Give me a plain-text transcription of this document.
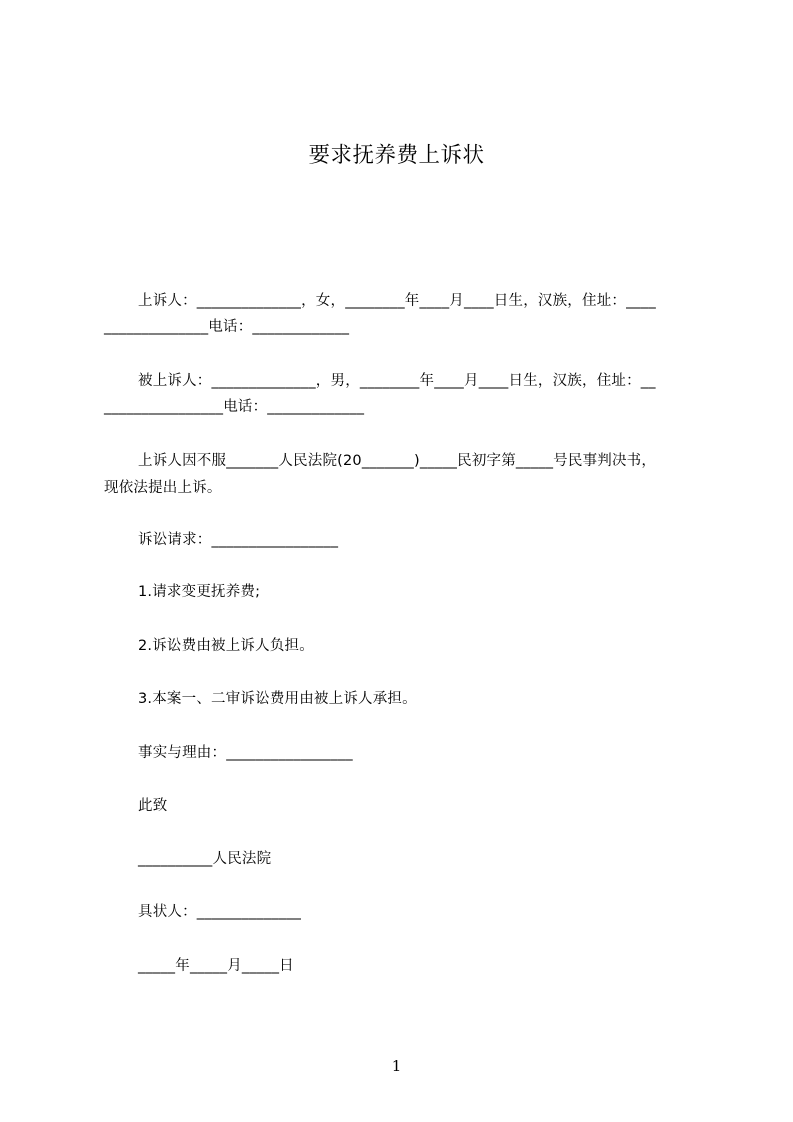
要求抚养费上诉状
上诉人：______________，女，________年____月____日生，汉族，住址：____
______________电话：_____________
被上诉人：______________，男，________年____月____日生，汉族，住址：__
________________电话：_____________
上诉人因不服_______人民法院(20_______)_____民初字第_____号民事判决书，
现依法提出上诉。
诉讼请求：_________________
1.请求变更抚养费;
2.诉讼费由被上诉人负担。
3.本案一、二审诉讼费用由被上诉人承担。
事实与理由：_________________
此致
__________人民法院
具状人：______________
_____年_____月_____日
1
